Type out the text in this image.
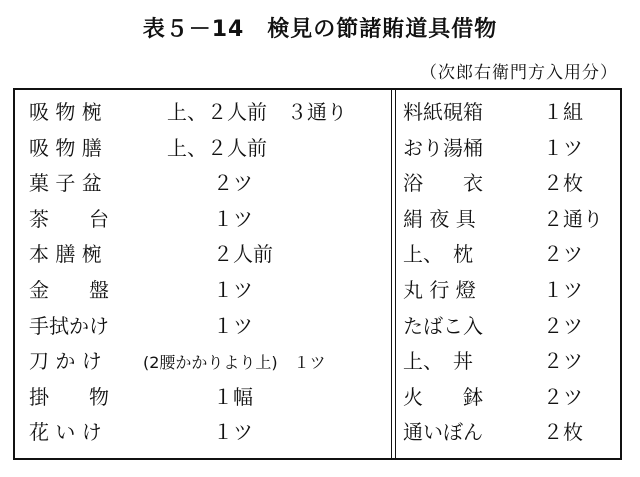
表５－14　検見の節諸賄道具借物
（次郎右衛門方入用分）
吸 物 椀	上、２人前　３通り
吸 物 膳	上、２人前
菓 子 盆	２ツ
茶　　台	１ツ
本 膳 椀	２人前
金　　盤	１ツ
手拭かけ	１ツ
刀 か け	(2腰かかりより上)　１ツ
掛　　物	１幅
花 い け	１ツ
料紙硯箱	１組
おり湯桶	１ツ
浴　　衣	２枚
絹 夜 具	２通り
上、　枕	２ツ
丸 行 燈	１ツ
たばこ入	２ツ
上、　丼	２ツ
火　　鉢	２ツ
通いぼん	２枚
